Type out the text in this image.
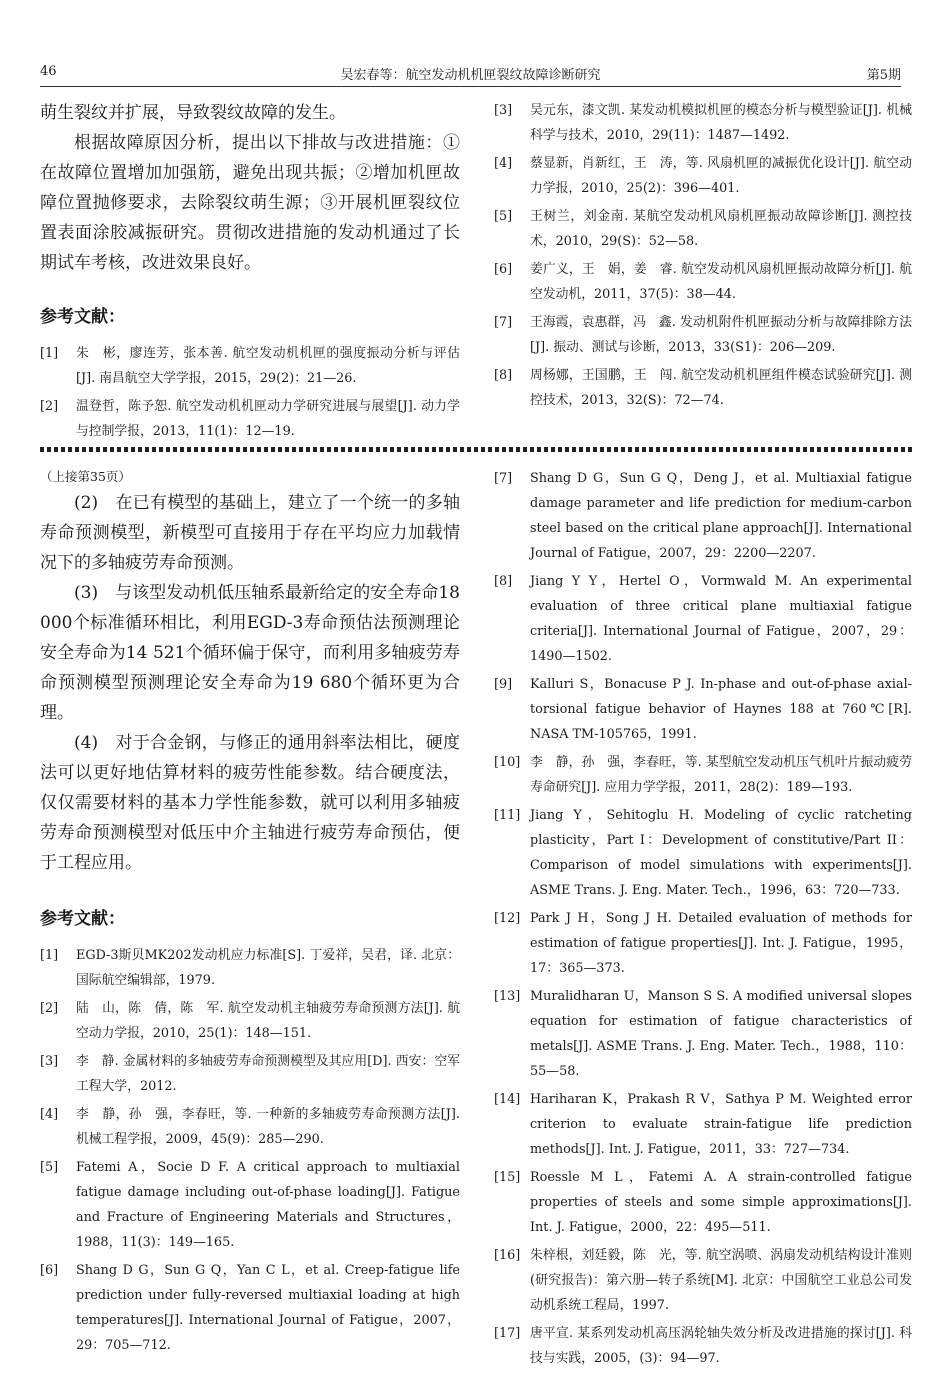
46	吴宏春等：航空发动机机匣裂纹故障诊断研究	第5期

萌生裂纹并扩展，导致裂纹故障的发生。

根据故障原因分析，提出以下排故与改进措施：①在故障位置增加加强筋，避免出现共振；②增加机匣故障位置抛修要求，去除裂纹萌生源；③开展机匣裂纹位置表面涂胶减振研究。贯彻改进措施的发动机通过了长期试车考核，改进效果良好。

参考文献：
[1]	朱　彬，廖连芳，张本善. 航空发动机机匣的强度振动分析与评估[J]. 南昌航空大学学报，2015，29(2)：21—26.
[2]	温登哲，陈予恕. 航空发动机机匣动力学研究进展与展望[J]. 动力学与控制学报，2013，11(1)：12—19.
[3]	吴元东，漆文凯. 某发动机模拟机匣的模态分析与模型验证[J]. 机械科学与技术，2010，29(11)：1487—1492.
[4]	蔡显新，肖新红，王　涛，等. 风扇机匣的减振优化设计[J]. 航空动力学报，2010，25(2)：396—401.
[5]	王树兰，刘金南. 某航空发动机风扇机匣振动故障诊断[J]. 测控技术，2010，29(S)：52—58.
[6]	姜广义，王　娟，姜　睿. 航空发动机风扇机匣振动故障分析[J]. 航空发动机，2011，37(5)：38—44.
[7]	王海霞，袁惠群，冯　鑫. 发动机附件机匣振动分析与故障排除方法[J]. 振动、测试与诊断，2013，33(S1)：206—209.
[8]	周杨娜，王国鹏，王　闯. 航空发动机机匣组件模态试验研究[J]. 测控技术，2013，32(S)：72—74.

（上接第35页）

(2)　在已有模型的基础上，建立了一个统一的多轴寿命预测模型，新模型可直接用于存在平均应力加载情况下的多轴疲劳寿命预测。

(3)　与该型发动机低压轴系最新给定的安全寿命18 000个标准循环相比，利用EGD-3寿命预估法预测理论安全寿命为14 521个循环偏于保守，而利用多轴疲劳寿命预测模型预测理论安全寿命为19 680个循环更为合理。

(4)　对于合金钢，与修正的通用斜率法相比，硬度法可以更好地估算材料的疲劳性能参数。结合硬度法，仅仅需要材料的基本力学性能参数，就可以利用多轴疲劳寿命预测模型对低压中介主轴进行疲劳寿命预估，便于工程应用。

参考文献：
[1]	EGD-3斯贝MK202发动机应力标准[S]. 丁爱祥，吴君，译. 北京：国际航空编辑部，1979.
[2]	陆　山，陈　倩，陈　军. 航空发动机主轴疲劳寿命预测方法[J]. 航空动力学报，2010，25(1)：148—151.
[3]	李　静. 金属材料的多轴疲劳寿命预测模型及其应用[D]. 西安：空军工程大学，2012.
[4]	李　静，孙　强，李春旺，等. 一种新的多轴疲劳寿命预测方法[J]. 机械工程学报，2009，45(9)：285—290.
[5]	Fatemi A，Socie D F. A critical approach to multiaxial fatigue damage including out-of-phase loading[J]. Fatigue and Fracture of Engineering Materials and Structures，1988，11(3)：149—165.
[6]	Shang D G，Sun G Q，Yan C L，et al. Creep-fatigue life prediction under fully-reversed multiaxial loading at high temperatures[J]. International Journal of Fatigue，2007，29：705—712.
[7]	Shang D G，Sun G Q，Deng J，et al. Multiaxial fatigue damage parameter and life prediction for medium-carbon steel based on the critical plane approach[J]. International Journal of Fatigue，2007，29：2200—2207.
[8]	Jiang Y Y，Hertel O，Vormwald M. An experimental evaluation of three critical plane multiaxial fatigue criteria[J]. International Journal of Fatigue，2007，29：1490—1502.
[9]	Kalluri S，Bonacuse P J. In-phase and out-of-phase axial-torsional fatigue behavior of Haynes 188 at 760℃[R]. NASA TM-105765，1991.
[10] 李　静，孙　强，李春旺，等. 某型航空发动机压气机叶片振动疲劳寿命研究[J]. 应用力学学报，2011，28(2)：189—193.
[11] Jiang Y，Sehitoglu H. Modeling of cyclic ratcheting plasticity，Part I：Development of constitutive/Part II：Comparison of model simulations with experiments[J]. ASME Trans. J. Eng. Mater. Tech.，1996，63：720—733.
[12] Park J H，Song J H. Detailed evaluation of methods for estimation of fatigue properties[J]. Int. J. Fatigue，1995，17：365—373.
[13] Muralidharan U，Manson S S. A modified universal slopes equation for estimation of fatigue characteristics of metals[J]. ASME Trans. J. Eng. Mater. Tech.，1988，110：55—58.
[14] Hariharan K，Prakash R V，Sathya P M. Weighted error criterion to evaluate strain-fatigue life prediction methods[J]. Int. J. Fatigue，2011，33：727—734.
[15] Roessle M L，Fatemi A. A strain-controlled fatigue properties of steels and some simple approximations[J]. Int. J. Fatigue，2000，22：495—511.
[16] 朱梓根，刘廷毅，陈　光，等. 航空涡喷、涡扇发动机结构设计准则(研究报告)：第六册—转子系统[M]. 北京：中国航空工业总公司发动机系统工程局，1997.
[17] 唐平宣. 某系列发动机高压涡轮轴失效分析及改进措施的探讨[J]. 科技与实践，2005，(3)：94—97.
